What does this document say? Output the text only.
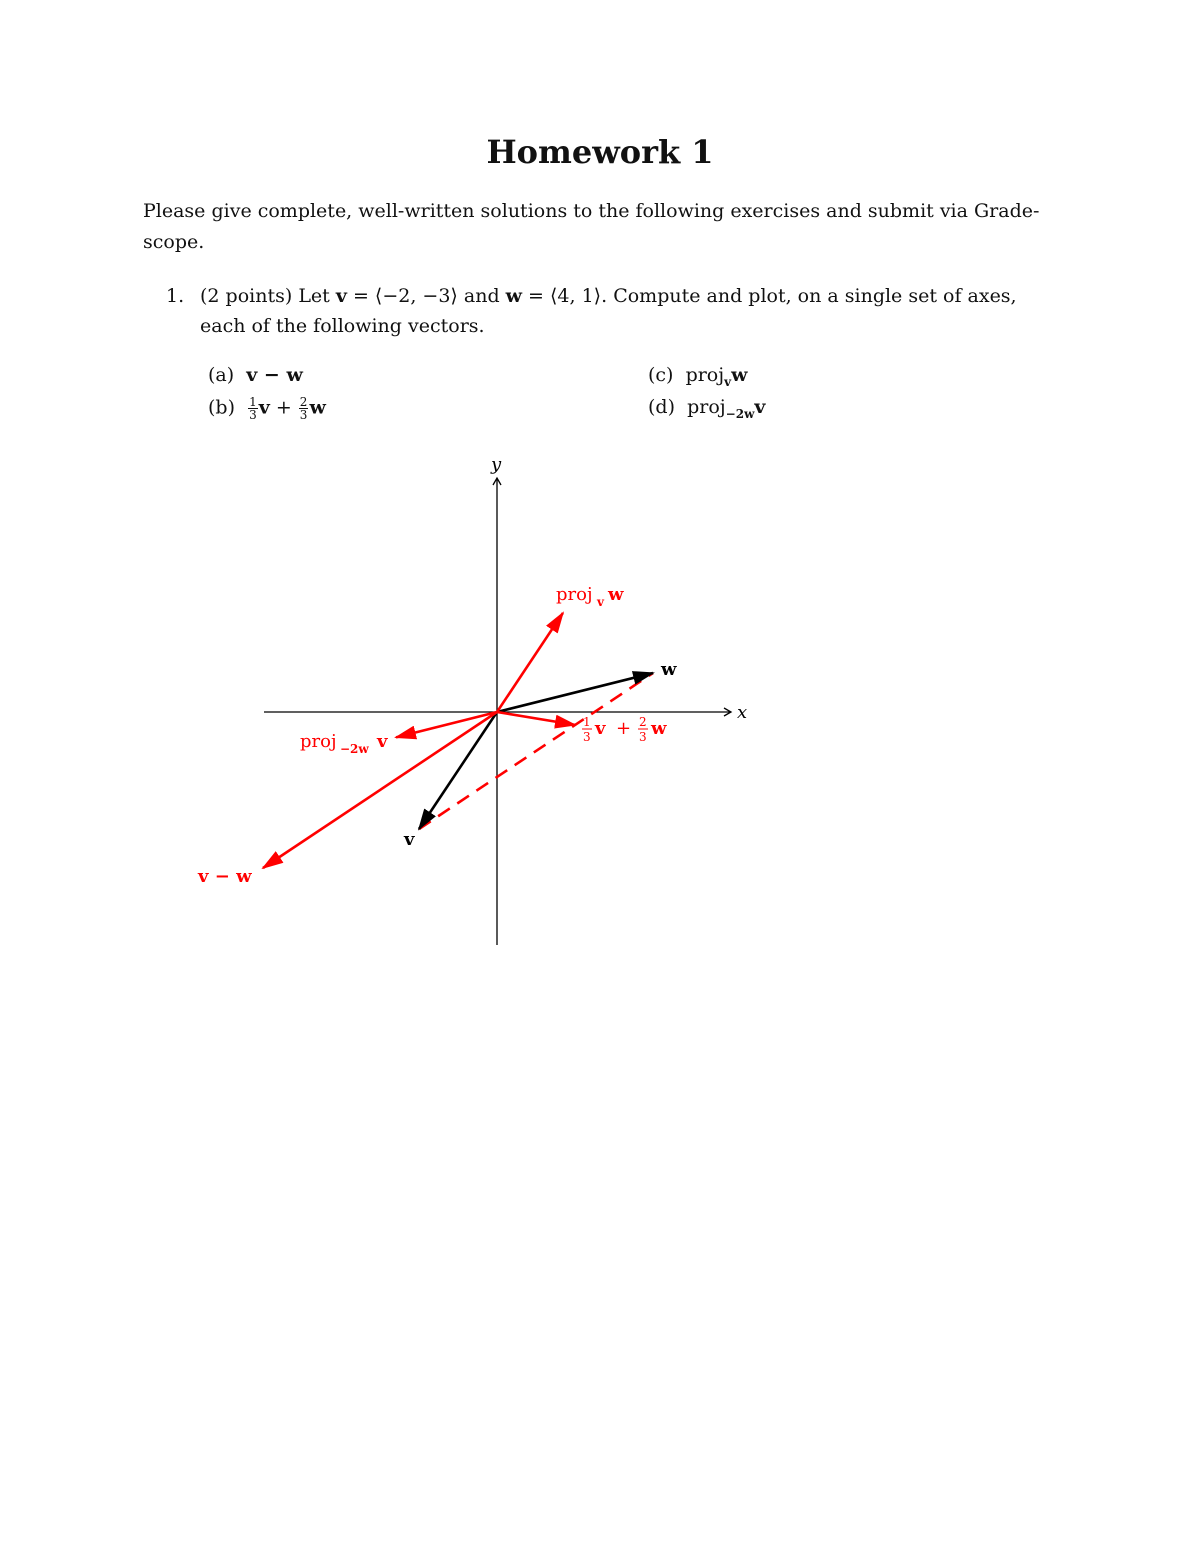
Homework 1
Please give complete, well-written solutions to the following exercises and submit via Grade-scope.
1. (2 points) Let v = ⟨−2, −3⟩ and w = ⟨4, 1⟩. Compute and plot, on a single set of axes, each of the following vectors.
(a) v − w
$(b) \frac{1}{3}$ $v + \frac{2}{3}$ w
(c) proj$_v$w
(d) proj$_{-2w}$v
x
y
v
w
v − w
1
3 v + 2
3 w
proj v w
proj −2w v
